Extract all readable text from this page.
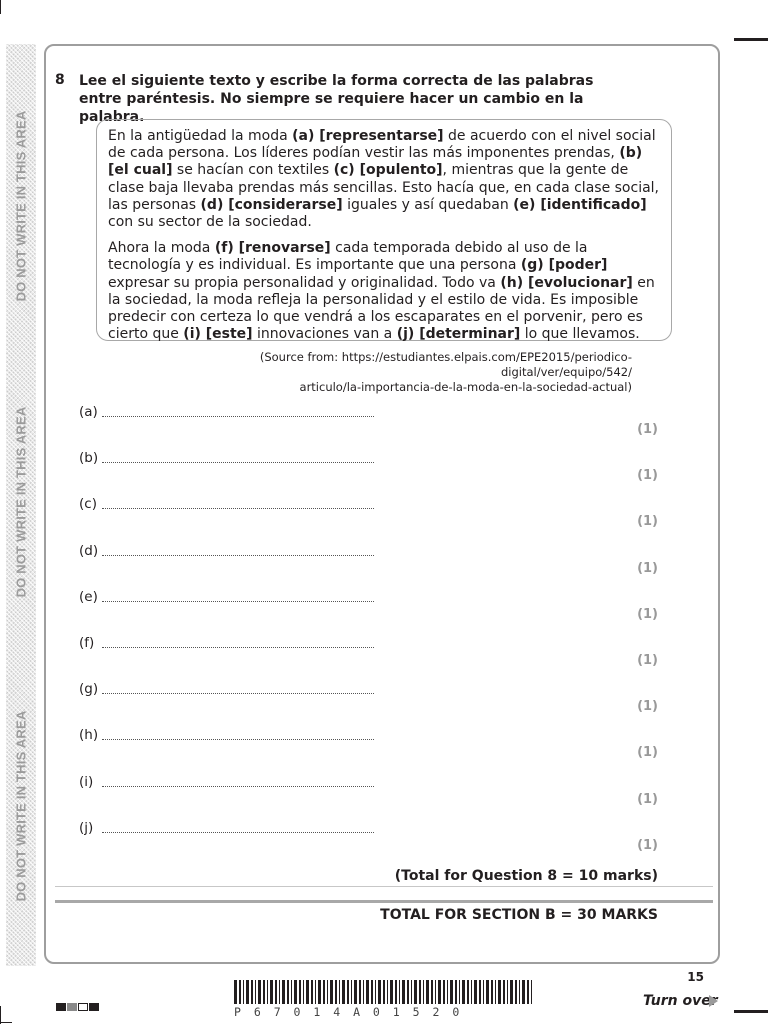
DO NOT WRITE IN THIS AREA
DO NOT WRITE IN THIS AREA
DO NOT WRITE IN THIS AREA
8 Lee el siguiente texto y escribe la forma correcta de las palabras entre paréntesis. No siempre se requiere hacer un cambio en la palabra.

En la antigüedad la moda (a) [representarse] de acuerdo con el nivel social de cada persona. Los líderes podían vestir las más imponentes prendas, (b) [el cual] se hacían con textiles (c) [opulento], mientras que la gente de clase baja llevaba prendas más sencillas. Esto hacía que, en cada clase social, las personas (d) [considerarse] iguales y así quedaban (e) [identificado] con su sector de la sociedad.

Ahora la moda (f) [renovarse] cada temporada debido al uso de la tecnología y es individual. Es importante que una persona (g) [poder] expresar su propia personalidad y originalidad. Todo va (h) [evolucionar] en la sociedad, la moda refleja la personalidad y el estilo de vida. Es imposible predecir con certeza lo que vendrá a los escaparates en el porvenir, pero es cierto que (i) [este] innovaciones van a (j) [determinar] lo que llevamos.

(Source from: https://estudiantes.elpais.com/EPE2015/periodico-digital/ver/equipo/542/
articulo/la-importancia-de-la-moda-en-la-sociedad-actual)
(a)
(1)
(b)
(1)
(c)
(1)
(d)
(1)
(e)
(1)
(f)
(1)
(g)
(1)
(h)
(1)
(i)
(1)
(j)
(1)
(Total for Question 8 = 10 marks)
TOTAL FOR SECTION B = 30 MARKS
15
Turn over
P 6 7 0 1 4 A 0 1 5 2 0
